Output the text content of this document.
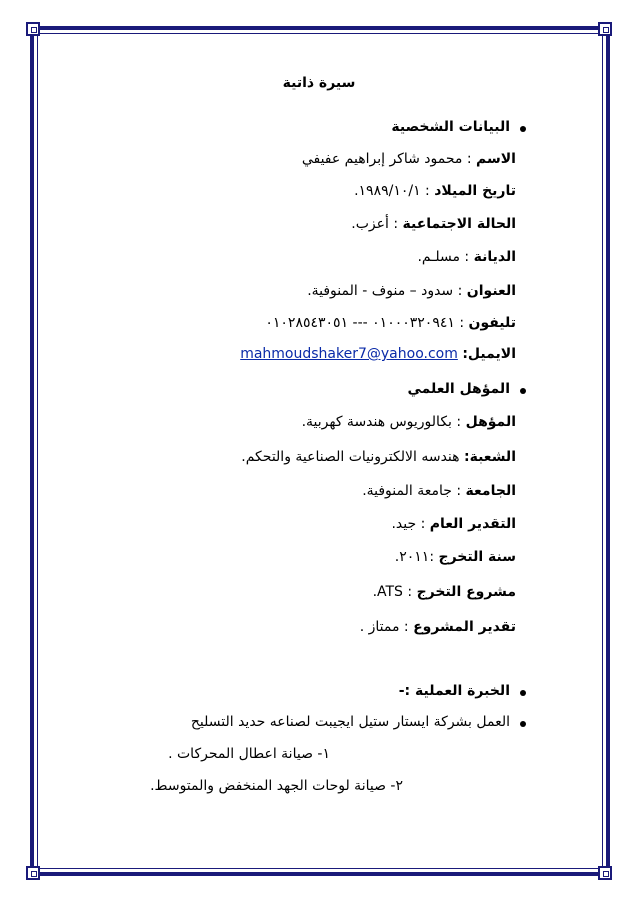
سيرة ذاتية
البيانات الشخصية
الاسم : محمود شاكر إبراهيم عفيفي
تاريخ الميلاد : ١٩٨٩/١٠/١.
الحالة الاجتماعية : أعزب.
الديانة : مسلـم.
العنوان : سدود – منوف - المنوفية.
تليفون : ٠١٠٠٠٣٢٠٩٤١ --- ٠١٠٢٨٥٤٣٠٥١
الايميل: mahmoudshaker7@yahoo.com
المؤهل العلمي
المؤهل : بكالوريوس هندسة كهربية.
الشعبة: هندسه الالكترونيات الصناعية والتحكم.
الجامعة : جامعة المنوفية.
التقدير العام : جيد.
سنة التخرج :٢٠١١.
مشروع التخرج : ATS.
تقدير المشروع : ممتاز .
الخبرة العملية :-
العمل بشركة ايستار ستيل ايجيبت لصناعه حديد التسليح
١- صيانة اعطال المحركات .
٢- صيانة لوحات الجهد المنخفض والمتوسط.
